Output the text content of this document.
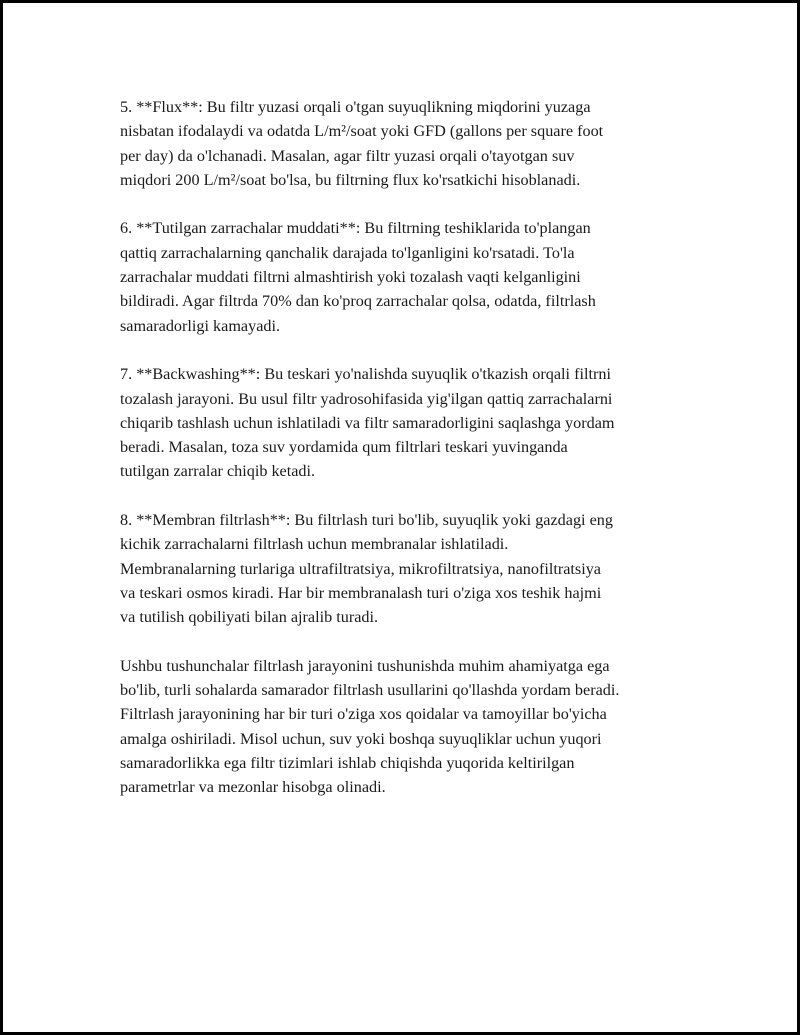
5. **Flux**: Bu filtr yuzasi orqali o'tgan suyuqlikning miqdorini yuzaga
nisbatan ifodalaydi va odatda L/m²/soat yoki GFD (gallons per square foot
per day) da o'lchanadi. Masalan, agar filtr yuzasi orqali o'tayotgan suv
miqdori 200 L/m²/soat bo'lsa, bu filtrning flux ko'rsatkichi hisoblanadi.

6. **Tutilgan zarrachalar muddati**: Bu filtrning teshiklarida to'plangan
qattiq zarrachalarning qanchalik darajada to'lganligini ko'rsatadi. To'la
zarrachalar muddati filtrni almashtirish yoki tozalash vaqti kelganligini
bildiradi. Agar filtrda 70% dan ko'proq zarrachalar qolsa, odatda, filtrlash
samaradorligi kamayadi.

7. **Backwashing**: Bu teskari yo'nalishda suyuqlik o'tkazish orqali filtrni
tozalash jarayoni. Bu usul filtr yadrosohifasida yig'ilgan qattiq zarrachalarni
chiqarib tashlash uchun ishlatiladi va filtr samaradorligini saqlashga yordam
beradi. Masalan, toza suv yordamida qum filtrlari teskari yuvinganda
tutilgan zarralar chiqib ketadi.

8. **Membran filtrlash**: Bu filtrlash turi bo'lib, suyuqlik yoki gazdagi eng
kichik zarrachalarni filtrlash uchun membranalar ishlatiladi.
Membranalarning turlariga ultrafiltratsiya, mikrofiltratsiya, nanofiltratsiya
va teskari osmos kiradi. Har bir membranalash turi o'ziga xos teshik hajmi
va tutilish qobiliyati bilan ajralib turadi.

Ushbu tushunchalar filtrlash jarayonini tushunishda muhim ahamiyatga ega
bo'lib, turli sohalarda samarador filtrlash usullarini qo'llashda yordam beradi.
Filtrlash jarayonining har bir turi o'ziga xos qoidalar va tamoyillar bo'yicha
amalga oshiriladi. Misol uchun, suv yoki boshqa suyuqliklar uchun yuqori
samaradorlikka ega filtr tizimlari ishlab chiqishda yuqorida keltirilgan
parametrlar va mezonlar hisobga olinadi.
